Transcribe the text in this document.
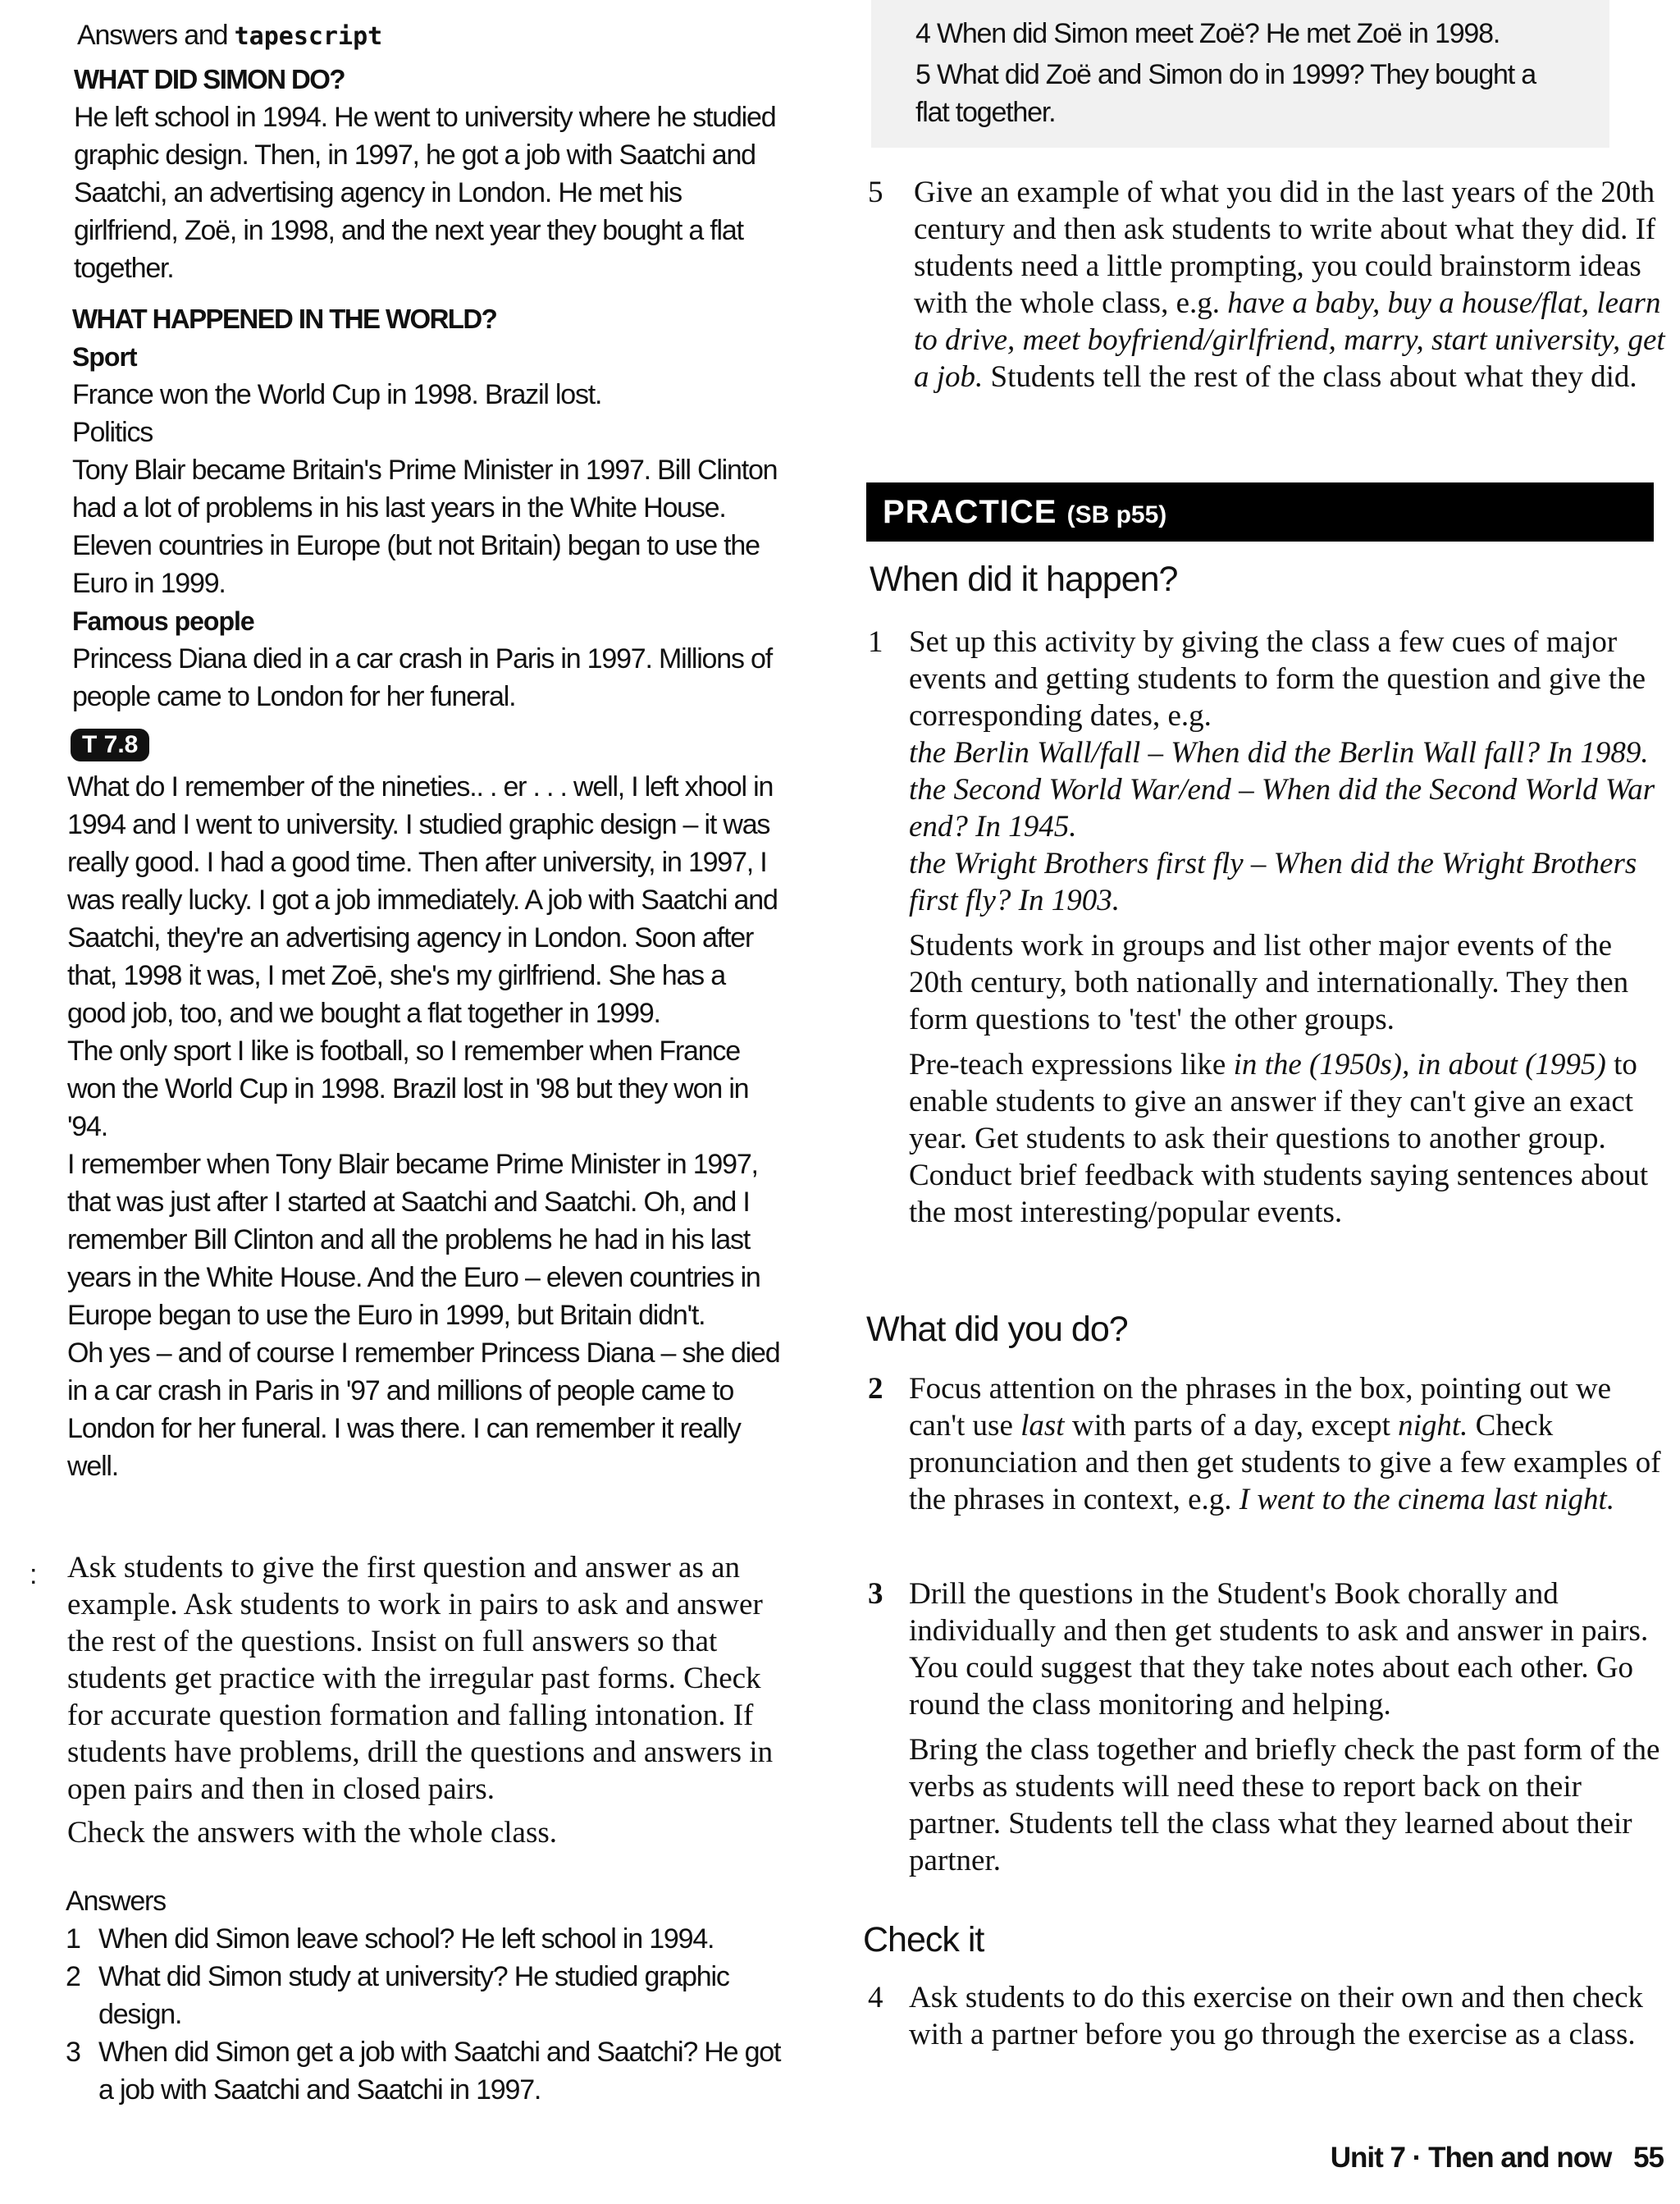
Answers and tapescript

WHAT DID SIMON DO?

He left school in 1994. He went to university where he studied graphic design. Then, in 1997, he got a job with Saatchi and Saatchi, an advertising agency in London. He met his girlfriend, Zoë, in 1998, and the next year they bought a flat together.

WHAT HAPPENED IN THE WORLD?

Sport

France won the World Cup in 1998. Brazil lost.

Politics

Tony Blair became Britain's Prime Minister in 1997. Bill Clinton had a lot of problems in his last years in the White House. Eleven countries in Europe (but not Britain) began to use the Euro in 1999.

Famous people

Princess Diana died in a car crash in Paris in 1997. Millions of people came to London for her funeral.

T 7.8

What do I remember of the nineties.. . er . . . well, I left xhool in 1994 and I went to university. I studied graphic design – it was really good. I had a good time. Then after university, in 1997, I was really lucky. I got a job immediately. A job with Saatchi and Saatchi, they're an advertising agency in London. Soon after that, 1998 it was, I met Zoē, she's my girlfriend. She has a good job, too, and we bought a flat together in 1999.

The only sport I like is football, so I remember when France won the World Cup in 1998. Brazil lost in '98 but they won in '94.

I remember when Tony Blair became Prime Minister in 1997, that was just after I started at Saatchi and Saatchi. Oh, and I remember Bill Clinton and all the problems he had in his last years in the White House. And the Euro – eleven countries in Europe began to use the Euro in 1999, but Britain didn't.

Oh yes – and of course I remember Princess Diana – she died in a car crash in Paris in '97 and millions of people came to London for her funeral. I was there. I can remember it really well.

: Ask students to give the first question and answer as an example. Ask students to work in pairs to ask and answer the rest of the questions. Insist on full answers so that students get practice with the irregular past forms. Check for accurate question formation and falling intonation. If students have problems, drill the questions and answers in open pairs and then in closed pairs.

Check the answers with the whole class.

Answers

1 When did Simon leave school? He left school in 1994.
2 What did Simon study at university? He studied graphic design.
3 When did Simon get a job with Saatchi and Saatchi? He got a job with Saatchi and Saatchi in 1997.
4 When did Simon meet Zoë? He met Zoë in 1998.
5 What did Zoë and Simon do in 1999? They bought a flat together.
5 Give an example of what you did in the last years of the 20th century and then ask students to write about what they did. If students need a little prompting, you could brainstorm ideas with the whole class, e.g. have a baby, buy a house/flat, learn to drive, meet boyfriend/girlfriend, marry, start university, get a job. Students tell the rest of the class about what they did.
PRACTICE (SB p55)

When did it happen?

1 Set up this activity by giving the class a few cues of major events and getting students to form the question and give the corresponding dates, e.g.

the Berlin Wall/fall – When did the Berlin Wall fall? In 1989.

the Second World War/end – When did the Second World War end? In 1945.

the Wright Brothers first fly – When did the Wright Brothers first fly? In 1903.

Students work in groups and list other major events of the 20th century, both nationally and internationally. They then form questions to 'test' the other groups.

Pre-teach expressions like in the (1950s), in about (1995) to enable students to give an answer if they can't give an exact year. Get students to ask their questions to another group. Conduct brief feedback with students saying sentences about the most interesting/popular events.

What did you do?

2 Focus attention on the phrases in the box, pointing out we can't use last with parts of a day, except night. Check pronunciation and then get students to give a few examples of the phrases in context, e.g. I went to the cinema last night.
3 Drill the questions in the Student's Book chorally and individually and then get students to ask and answer in pairs. You could suggest that they take notes about each other. Go round the class monitoring and helping.

Bring the class together and briefly check the past form of the verbs as students will need these to report back on their partner. Students tell the class what they learned about their partner.

Check it

4 Ask students to do this exercise on their own and then check with a partner before you go through the exercise as a class.
Unit 7 · Then and now 55
